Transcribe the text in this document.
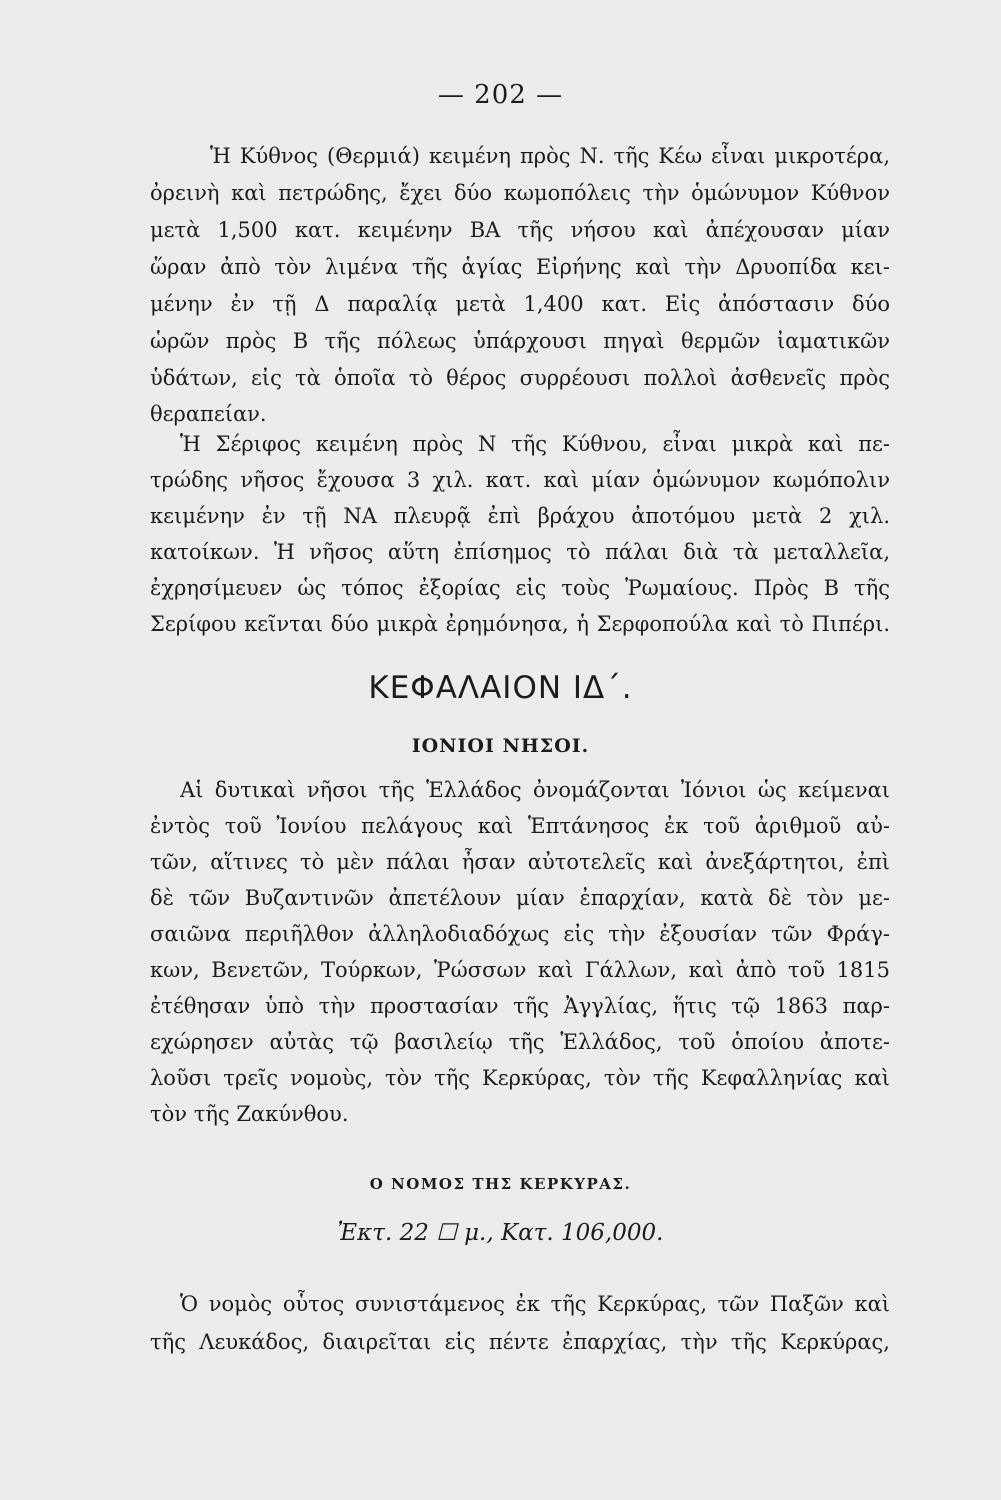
— 202 —
Ἡ Κύθνος (Θερμιά) κειμένη πρὸς Ν. τῆς Κέω εἶναι μικροτέρα,
ὀρεινὴ καὶ πετρώδης, ἔχει δύο κωμοπόλεις τὴν ὁμώνυμον Κύθνον
μετὰ 1,500 κατ. κειμένην ΒΑ τῆς νήσου καὶ ἀπέχουσαν μίαν
ὥραν ἀπὸ τὸν λιμένα τῆς ἁγίας Εἰρήνης καὶ τὴν Δρυοπίδα κει-
μένην ἐν τῇ Δ παραλίᾳ μετὰ 1,400 κατ. Εἰς ἀπόστασιν δύο
ὡρῶν πρὸς Β τῆς πόλεως ὑπάρχουσι πηγαὶ θερμῶν ἰαματικῶν
ὑδάτων, εἰς τὰ ὁποῖα τὸ θέρος συρρέουσι πολλοὶ ἀσθενεῖς πρὸς
θεραπείαν.
Ἡ Σέριφος κειμένη πρὸς Ν τῆς Κύθνου, εἶναι μικρὰ καὶ πε-
τρώδης νῆσος ἔχουσα 3 χιλ. κατ. καὶ μίαν ὁμώνυμον κωμόπολιν
κειμένην ἐν τῇ ΝΑ πλευρᾷ ἐπὶ βράχου ἀποτόμου μετὰ 2 χιλ.
κατοίκων. Ἡ νῆσος αὕτη ἐπίσημος τὸ πάλαι διὰ τὰ μεταλλεῖα,
ἐχρησίμευεν ὡς τόπος ἐξορίας εἰς τοὺς Ῥωμαίους. Πρὸς Β τῆς
Σερίφου κεῖνται δύο μικρὰ ἐρημόνησα, ἡ Σερφοπούλα καὶ τὸ Πιπέρι.
ΚΕΦΑΛΑΙΟΝ ΙΔ΄.
ΙΟΝΙΟΙ ΝΗΣΟΙ.
Αἱ δυτικαὶ νῆσοι τῆς Ἑλλάδος ὀνομάζονται Ἰόνιοι ὡς κείμεναι
ἐντὸς τοῦ Ἰονίου πελάγους καὶ Ἑπτάνησος ἐκ τοῦ ἀριθμοῦ αὐ-
τῶν, αἵτινες τὸ μὲν πάλαι ἦσαν αὐτοτελεῖς καὶ ἀνεξάρτητοι, ἐπὶ
δὲ τῶν Βυζαντινῶν ἀπετέλουν μίαν ἐπαρχίαν, κατὰ δὲ τὸν με-
σαιῶνα περιῆλθον ἀλληλοδιαδόχως εἰς τὴν ἐξουσίαν τῶν Φράγ-
κων, Βενετῶν, Τούρκων, Ῥώσσων καὶ Γάλλων, καὶ ἀπὸ τοῦ 1815
ἐτέθησαν ὑπὸ τὴν προστασίαν τῆς Ἀγγλίας, ἥτις τῷ 1863 παρ-
εχώρησεν αὐτὰς τῷ βασιλείῳ τῆς Ἑλλάδος, τοῦ ὁποίου ἀποτε-
λοῦσι τρεῖς νομοὺς, τὸν τῆς Κερκύρας, τὸν τῆς Κεφαλληνίας καὶ
τὸν τῆς Ζακύνθου.
Ο ΝΟΜΟΣ ΤΗΣ ΚΕΡΚΥΡΑΣ.
Ἐκτ. 22 ☐ μ., Κατ. 106,000.
Ὁ νομὸς οὗτος συνιστάμενος ἐκ τῆς Κερκύρας, τῶν Παξῶν καὶ
τῆς Λευκάδος, διαιρεῖται εἰς πέντε ἐπαρχίας, τὴν τῆς Κερκύρας,
